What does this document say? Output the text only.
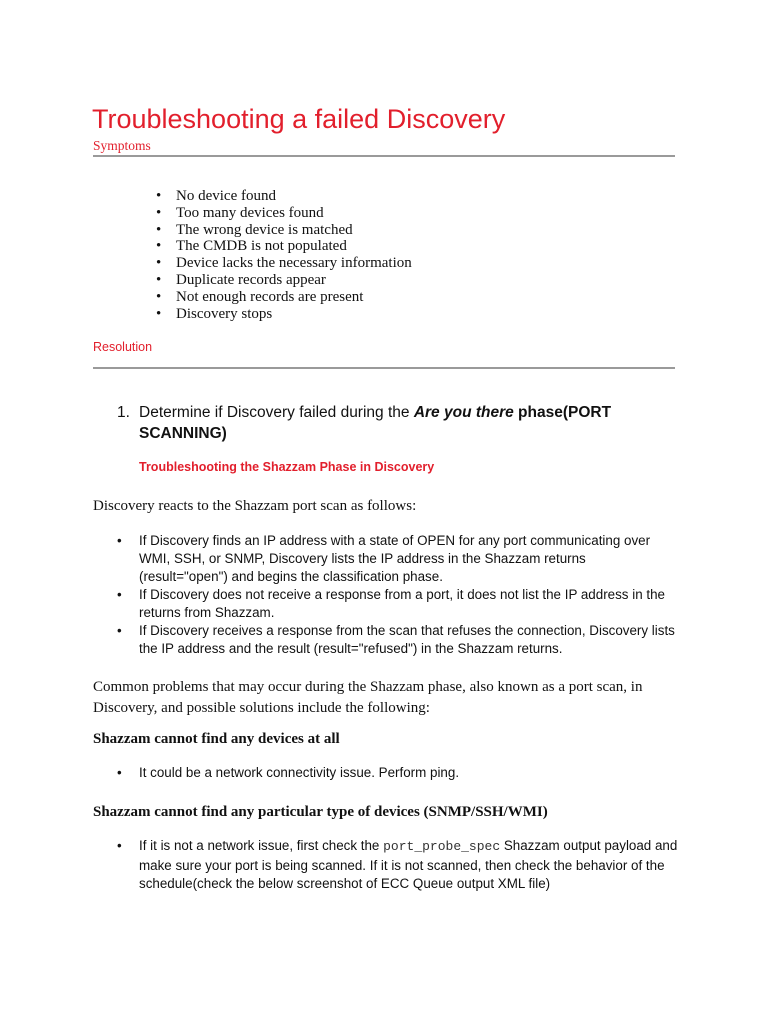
Troubleshooting a failed Discovery
Symptoms
• No device found
• Too many devices found
• The wrong device is matched
• The CMDB is not populated
• Device lacks the necessary information
• Duplicate records appear
• Not enough records are present
• Discovery stops
Resolution
1. Determine if Discovery failed during the Are you there phase(PORT SCANNING)
Troubleshooting the Shazzam Phase in Discovery
Discovery reacts to the Shazzam port scan as follows:
• If Discovery finds an IP address with a state of OPEN for any port communicating over WMI, SSH, or SNMP, Discovery lists the IP address in the Shazzam returns (result="open") and begins the classification phase.
• If Discovery does not receive a response from a port, it does not list the IP address in the returns from Shazzam.
• If Discovery receives a response from the scan that refuses the connection, Discovery lists the IP address and the result (result="refused") in the Shazzam returns.
Common problems that may occur during the Shazzam phase, also known as a port scan, in Discovery, and possible solutions include the following:
Shazzam cannot find any devices at all
• It could be a network connectivity issue. Perform ping.
Shazzam cannot find any particular type of devices (SNMP/SSH/WMI)
• If it is not a network issue, first check the port_probe_spec Shazzam output payload and make sure your port is being scanned. If it is not scanned, then check the behavior of the schedule(check the below screenshot of ECC Queue output XML file)
